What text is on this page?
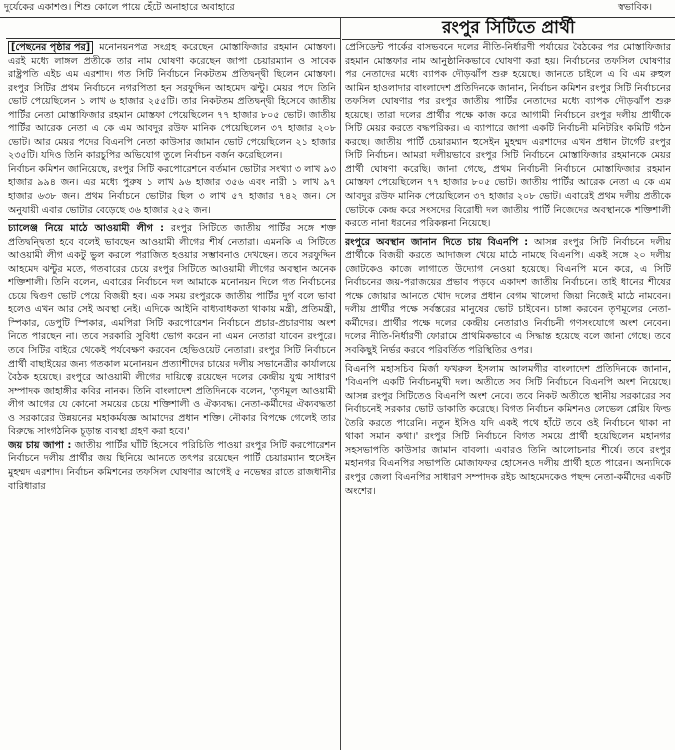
দুর্যেকের একাশণ্ড। শিশু কোলে পায়ে হেঁটে অনাহারে অবাহারে	স্বভাবিক।
রংপুর সিটিতে প্রার্থী

[পেছনের পৃষ্ঠার পর] মনোনয়নপত্র সংগ্রহ করেছেন মোস্তাফিজার রহমান মোস্তফা। এরই মধ্যে লাঙ্গল প্রতীকে তার নাম ঘোষণা করেছেন জাপা চেয়ারম্যান ও সাবেক রাষ্ট্রপতি এইচ এম এরশাদ। গত সিটি নির্বাচনে নিকটতম প্রতিদ্বন্দ্বী ছিলেন মোস্তফা। রংপুর সিটির প্রথম নির্বাচনে নগরপিতা হন সরফুদ্দিন আহমেদ ঝন্টু। মেয়র পদে তিনি ভোট পেয়েছিলেন ১ লাখ ৬ হাজার ২৫৫টি। তার নিকটতম প্রতিদ্বন্দ্বী হিসেবে জাতীয় পার্টির নেতা মোস্তাফিজার রহমান মোস্তফা পেয়েছিলেন ৭৭ হাজার ৮০৫ ভোট। জাতীয় পার্টির আরেক নেতা এ কে এম আবদুর রউফ মানিক পেয়েছিলেন ৩৭ হাজার ২০৮ ভোট। আর মেয়র পদের বিএনপি নেতা কাউসার জামান ভোট পেয়েছিলেন ২১ হাজার ২৩৫টি। যদিও তিনি কারচুপির অভিযোগ তুলে নির্বাচন বর্জন করেছিলেন।

নির্বাচন কমিশন জানিয়েছে, রংপুর সিটি করপোরেশনে বর্তমান ভোটার সংখ্যা ৩ লাখ ৯৩ হাজার ৯৯৪ জন। এর মধ্যে পুরুষ ১ লাখ ৯৬ হাজার ৩৫৬ এবং নারী ১ লাখ ৯৭ হাজার ৬৩৮ জন। প্রথম নির্বাচনে ভোটার ছিল ৩ লাখ ৫৭ হাজার ৭৪২ জন। সে অনুযায়ী এবার ভোটার বেড়েছে ৩৬ হাজার ২৫২ জন।

চ্যালেঞ্জ নিয়ে মাঠে আওয়ামী লীগ : রংপুর সিটিতে জাতীয় পার্টির সঙ্গে শক্ত প্রতিদ্বন্দ্বিতা হবে বলেই ভাবছেন আওয়ামী লীগের শীর্ষ নেতারা। এমনকি এ সিটিতে আওয়ামী লীগ একটু ভুল করলে পরাজিত হওয়ার সম্ভাবনাও দেখছেন। তবে সরফুদ্দিন আহমেদ ঝন্টুর মতে, গতবারের চেয়ে রংপুর সিটিতে আওয়ামী লীগের অবস্থান অনেক শক্তিশালী। তিনি বলেন, এবারের নির্বাচনে দল আমাকে মনোনয়ন দিলে গত নির্বাচনের চেয়ে দ্বিগুণ ভোট পেয়ে বিজয়ী হব। এক সময় রংপুরকে জাতীয় পার্টির দুর্গ বলে ভাবা হলেও এখন আর সেই অবস্থা নেই। এদিকে আইনি বাধ্যবাধকতা থাকায় মন্ত্রী, প্রতিমন্ত্রী, স্পিকার, ডেপুটি স্পিকার, এমপিরা সিটি করপোরেশন নির্বাচনে প্রচার-প্রচারণায় অংশ নিতে পারছেন না। তবে সরকারি সুবিধা ভোগ করেন না এমন নেতারা যাবেন রংপুরে। তবে সিটির বাইরে থেকেই পর্যবেক্ষণ করবেন হেভিওয়েট নেতারা। রংপুর সিটি নির্বাচনে প্রার্থী বাছাইয়ের জন্য গতকাল মনোনয়ন প্রত্যাশীদের চায়ের দলীয় সভানেত্রীর কার্যালয়ে বৈঠক হয়েছে। রংপুরে আওয়ামী লীগের দায়িত্বে রয়েছেন দলের কেন্দ্রীয় যুগ্ম সাধারণ সম্পাদক জাহাঙ্গীর কবির নানক। তিনি বাংলাদেশ প্রতিদিনকে বলেন, 'তৃণমূল আওয়ামী লীগ আগের যে কোনো সময়ের চেয়ে শক্তিশালী ও ঐক্যবদ্ধ। নেতা-কর্মীদের ঐক্যবদ্ধতা ও সরকারের উন্নয়নের মহাকর্মযজ্ঞ আমাদের প্রধান শক্তি। নৌকার বিপক্ষে গেলেই তার বিরুদ্ধে সাংগঠনিক চূড়ান্ত ব্যবস্থা গ্রহণ করা হবে।'

জয় চায় জাপা : জাতীয় পার্টির ঘাঁটি হিসেবে পরিচিতি পাওয়া রংপুর সিটি করপোরেশন নির্বাচনে দলীয় প্রার্থীর জয় ছিনিয়ে আনতে তৎপর রয়েছেন পার্টি চেয়ারম্যান হুসেইন মুহম্মদ এরশাদ। নির্বাচন কমিশনের তফসিল ঘোষণার আগেই ৫ নভেম্বর রাতে রাজধানীর বারিধারার

প্রেসিডেন্ট পার্কের বাসভবনে দলের নীতি-নির্ধারণী পর্যায়ের বৈঠকের পর মোস্তাফিজার রহমান মোস্তফার নাম আনুষ্ঠানিকভাবে ঘোষণা করা হয়। নির্বাচনের তফসিল ঘোষণার পর নেতাদের মধ্যে ব্যাপক দৌড়ঝাঁপ শুরু হয়েছে। জানতে চাইলে এ বি এম রুহুল আমিন হাওলাদার বাংলাদেশ প্রতিদিনকে জানান, নির্বাচন কমিশন রংপুর সিটি নির্বাচনের তফসিল ঘোষণার পর রংপুর জাতীয় পার্টির নেতাদের মধ্যে ব্যাপক দৌড়ঝাঁপ শুরু হয়েছে। তারা দলের প্রার্থীর পক্ষে কাজ করে আগামী নির্বাচনে রংপুর দলীয় প্রার্থীকে সিটি মেয়র করতে বদ্ধপরিকর। এ ব্যাপারে জাপা একটি নির্বাচনী মনিটরিং কমিটি গঠন করছে। জাতীয় পার্টি চেয়ারম্যান হুসেইন মুহম্মদ এরশাদের এখন প্রধান টার্গেট রংপুর সিটি নির্বাচন। আমরা দলীয়ভাবে রংপুর সিটি নির্বাচনে মোস্তাফিজার রহমানকে মেয়র প্রার্থী ঘোষণা করেছি। জানা গেছে, প্রথম নির্বাচনী নির্বাচনে মোস্তাফিজার রহমান মোস্তফা পেয়েছিলেন ৭৭ হাজার ৮০৫ ভোট। জাতীয় পার্টির আরেক নেতা এ কে এম আবদুর রউফ মানিক পেয়েছিলেন ৩৭ হাজার ২০৮ ভোট। এবারেই প্রথম দলীয় প্রতীকে ভোটকে কেন্দ্র করে সংসদের বিরোধী দল জাতীয় পার্টি নিজেদের অবস্থানকে শক্তিশালী করতে নানা ধরনের পরিকল্পনা নিয়েছে।

রংপুরে অবস্থান জানান দিতে চায় বিএনপি : আসন্ন রংপুর সিটি নির্বাচনে দলীয় প্রার্থীকে বিজয়ী করতে আদাজল খেয়ে মাঠে নামছে বিএনপি। একই সঙ্গে ২০ দলীয় জোটকেও কাজে লাগাতে উদ্যোগ নেওয়া হয়েছে। বিএনপি মনে করে, এ সিটি নির্বাচনের জয়-পরাজয়ের প্রভাব পড়বে একাদশ জাতীয় নির্বাচনে। তাই ধানের শীষের পক্ষে জোয়ার আনতে খোদ দলের প্রধান বেগম খালেদা জিয়া নিজেই মাঠে নামবেন। দলীয় প্রার্থীর পক্ষে সর্বস্তরের মানুষের ভোট চাইবেন। চাঙ্গা করবেন তৃণমূলের নেতা-কর্মীদের। প্রার্থীর পক্ষে দলের কেন্দ্রীয় নেতারাও নির্বাচনী গণসংযোগে অংশ নেবেন। দলের নীতি-নির্ধারণী ফোরামে প্রাথমিকভাবে এ সিদ্ধান্ত হয়েছে বলে জানা গেছে। তবে সবকিছুই নির্ভর করবে পরিবর্তিত পরিস্থিতির ওপর।

বিএনপি মহাসচিব মির্জা ফখরুল ইসলাম আলমগীর বাংলাদেশ প্রতিদিনকে জানান, 'বিএনপি একটি নির্বাচনমুখী দল। অতীতে সব সিটি নির্বাচনে বিএনপি অংশ নিয়েছে। আসন্ন রংপুর সিটিতেও বিএনপি অংশ নেবে। তবে নিকট অতীতে স্থানীয় সরকারের সব নির্বাচনেই সরকার ভোট ডাকাতি করেছে। বিগত নির্বাচন কমিশনও লেভেল প্লেয়িং ফিল্ড তৈরি করতে পারেনি। নতুন ইসিও যদি একই পথে হাঁটে তবে ওই নির্বাচনে থাকা না থাকা সমান কথা।' রংপুর সিটি নির্বাচনে বিগত সময়ে প্রার্থী হয়েছিলেন মহানগর সহসভাপতি কাউসার জামান বাবলা। এবারও তিনি আলোচনার শীর্ষে। তবে রংপুর মহানগর বিএনপির সভাপতি মোজাফফর হোসেনও দলীয় প্রার্থী হতে পারেন। অন্যদিকে রংপুর জেলা বিএনপির সাধারণ সম্পাদক রইচ আহমেদকেও পছন্দ নেতা-কর্মীদের একটি অংশের।
